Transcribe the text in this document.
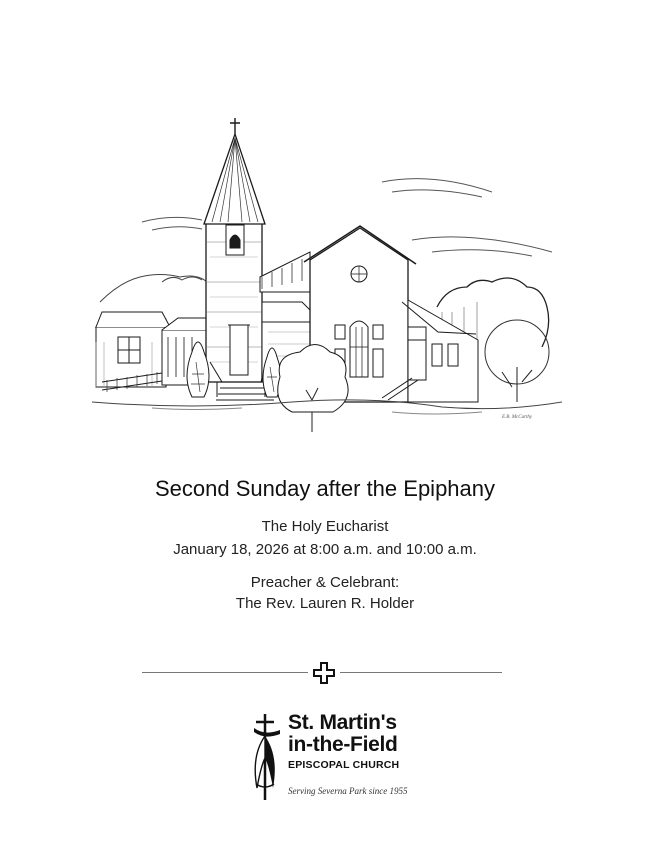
E.B. McCarthy
Second Sunday after the Epiphany
The Holy Eucharist
January 18, 2026 at 8:00 a.m. and 10:00 a.m.
Preacher & Celebrant:
The Rev. Lauren R. Holder
St. Martin's
in-the-Field
EPISCOPAL CHURCH
Serving Severna Park since 1955
